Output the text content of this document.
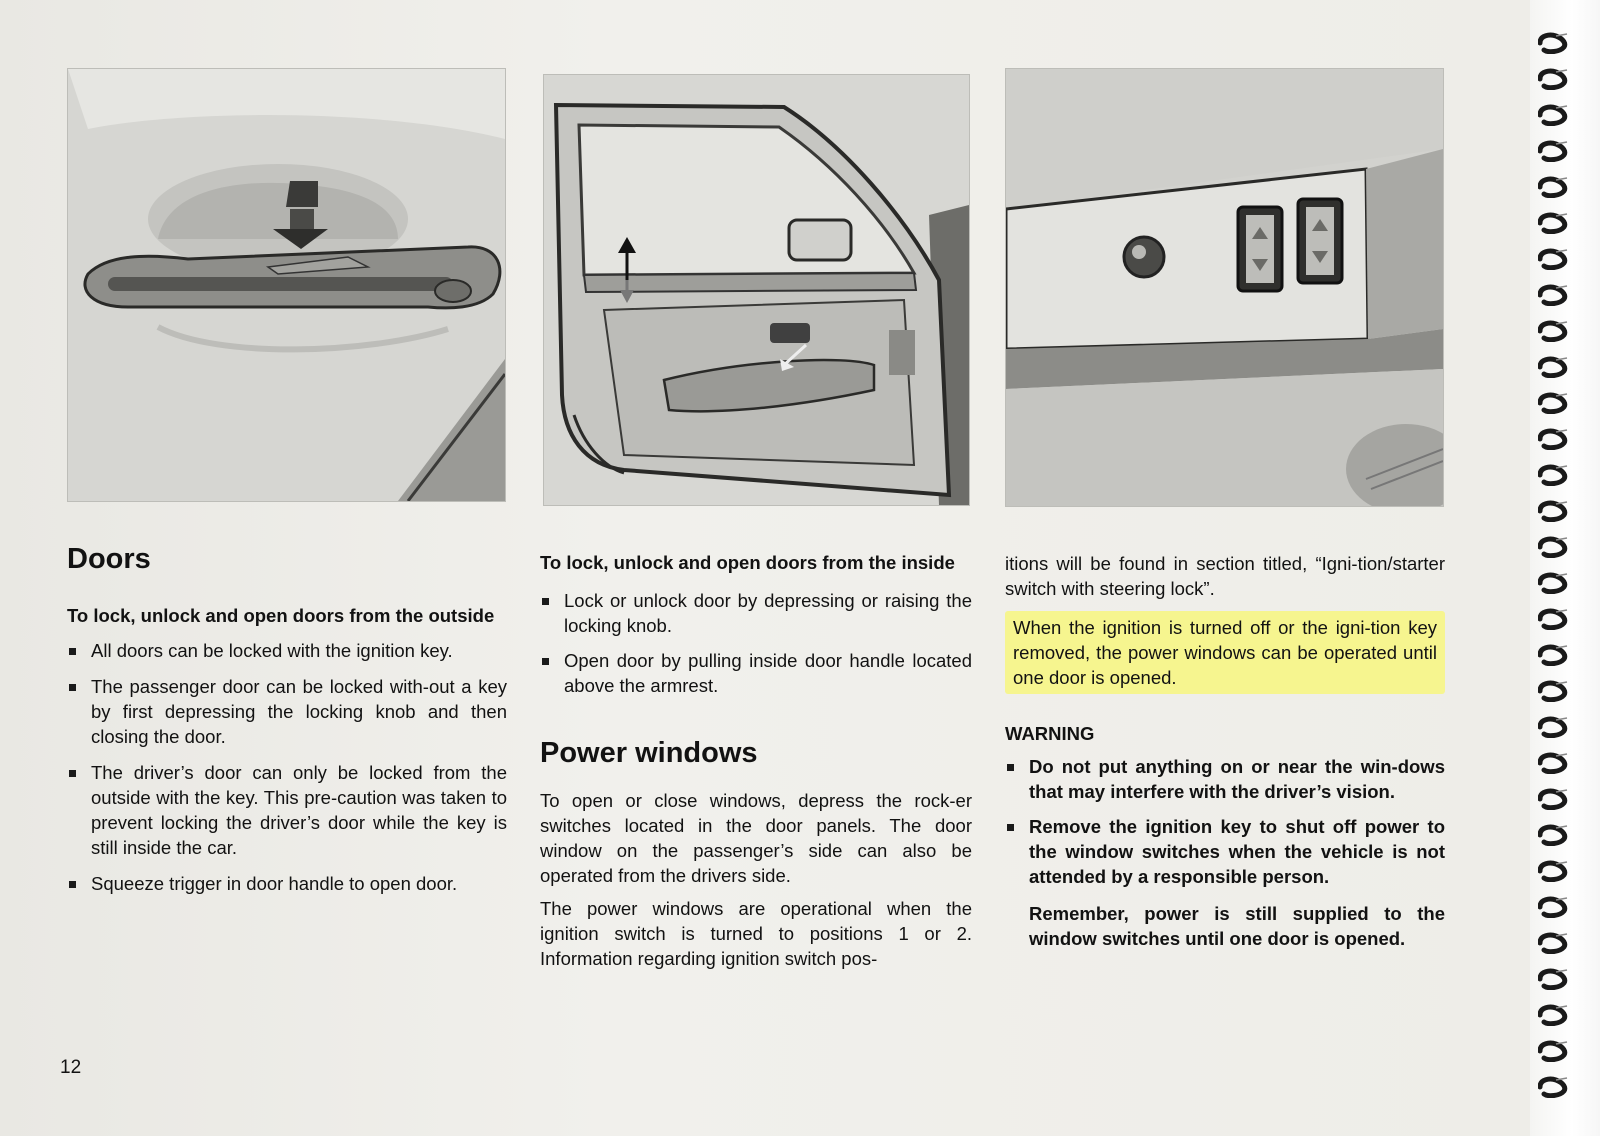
Doors

To lock, unlock and open doors from the outside

All doors can be locked with the ignition key.
The passenger door can be locked with-out a key by first depressing the locking knob and then closing the door.
The driver’s door can only be locked from the outside with the key. This pre-caution was taken to prevent locking the driver’s door while the key is still inside the car.
Squeeze trigger in door handle to open door.

To lock, unlock and open doors from the inside

Lock or unlock door by depressing or raising the locking knob.
Open door by pulling inside door handle located above the armrest.
Power windows

To open or close windows, depress the rock-er switches located in the door panels. The door window on the passenger’s side can also be operated from the drivers side.

The power windows are operational when the ignition switch is turned to positions 1 or 2. Information regarding ignition switch pos-

itions will be found in section titled, “Igni-tion/starter switch with steering lock”.

When the ignition is turned off or the igni-tion key removed, the power windows can be operated until one door is opened.

WARNING

Do not put anything on or near the win-dows that may interfere with the driver’s vision.
Remove the ignition key to shut off power to the window switches when the vehicle is not attended by a responsible person.

Remember, power is still supplied to the window switches until one door is opened.

12
